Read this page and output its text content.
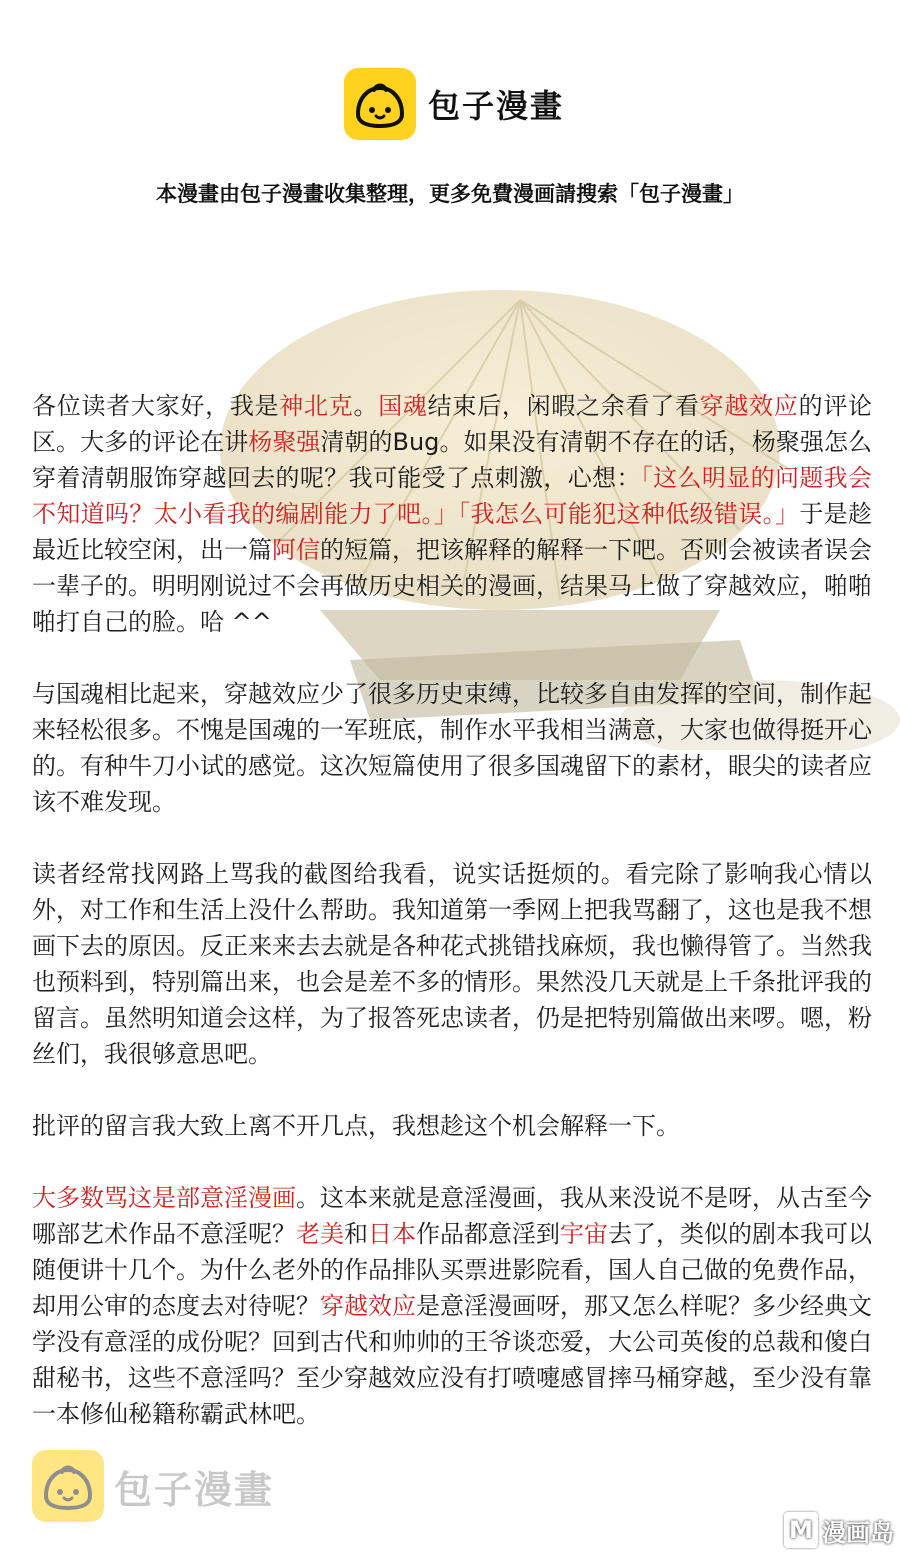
包子漫畫
本漫畫由包子漫畫收集整理，更多免費漫画請搜索「包子漫畫」

各位读者大家好，我是神北克。国魂结束后，闲暇之余看了看穿越效应的评论区。大多的评论在讲杨聚强清朝的Bug。如果没有清朝不存在的话，杨聚强怎么穿着清朝服饰穿越回去的呢？我可能受了点刺激，心想：「这么明显的问题我会不知道吗？太小看我的编剧能力了吧。」「我怎么可能犯这种低级错误。」于是趁最近比较空闲，出一篇阿信的短篇，把该解释的解释一下吧。否则会被读者误会一辈子的。明明刚说过不会再做历史相关的漫画，结果马上做了穿越效应，啪啪啪打自己的脸。哈 ^^

与国魂相比起来，穿越效应少了很多历史束缚，比较多自由发挥的空间，制作起来轻松很多。不愧是国魂的一军班底，制作水平我相当满意，大家也做得挺开心的。有种牛刀小试的感觉。这次短篇使用了很多国魂留下的素材，眼尖的读者应该不难发现。

读者经常找网路上骂我的截图给我看，说实话挺烦的。看完除了影响我心情以外，对工作和生活上没什么帮助。我知道第一季网上把我骂翻了，这也是我不想画下去的原因。反正来来去去就是各种花式挑错找麻烦，我也懒得管了。当然我也预料到，特别篇出来，也会是差不多的情形。果然没几天就是上千条批评我的留言。虽然明知道会这样，为了报答死忠读者，仍是把特别篇做出来啰。嗯，粉丝们，我很够意思吧。

批评的留言我大致上离不开几点，我想趁这个机会解释一下。

大多数骂这是部意淫漫画。这本来就是意淫漫画，我从来没说不是呀，从古至今哪部艺术作品不意淫呢？老美和日本作品都意淫到宇宙去了，类似的剧本我可以随便讲十几个。为什么老外的作品排队买票进影院看，国人自己做的免费作品，却用公审的态度去对待呢？穿越效应是意淫漫画呀，那又怎么样呢？多少经典文学没有意淫的成份呢？回到古代和帅帅的王爷谈恋爱，大公司英俊的总裁和傻白甜秘书，这些不意淫吗？至少穿越效应没有打喷嚏感冒摔马桶穿越，至少没有靠一本修仙秘籍称霸武林吧。

包子漫畫
M 漫画岛
